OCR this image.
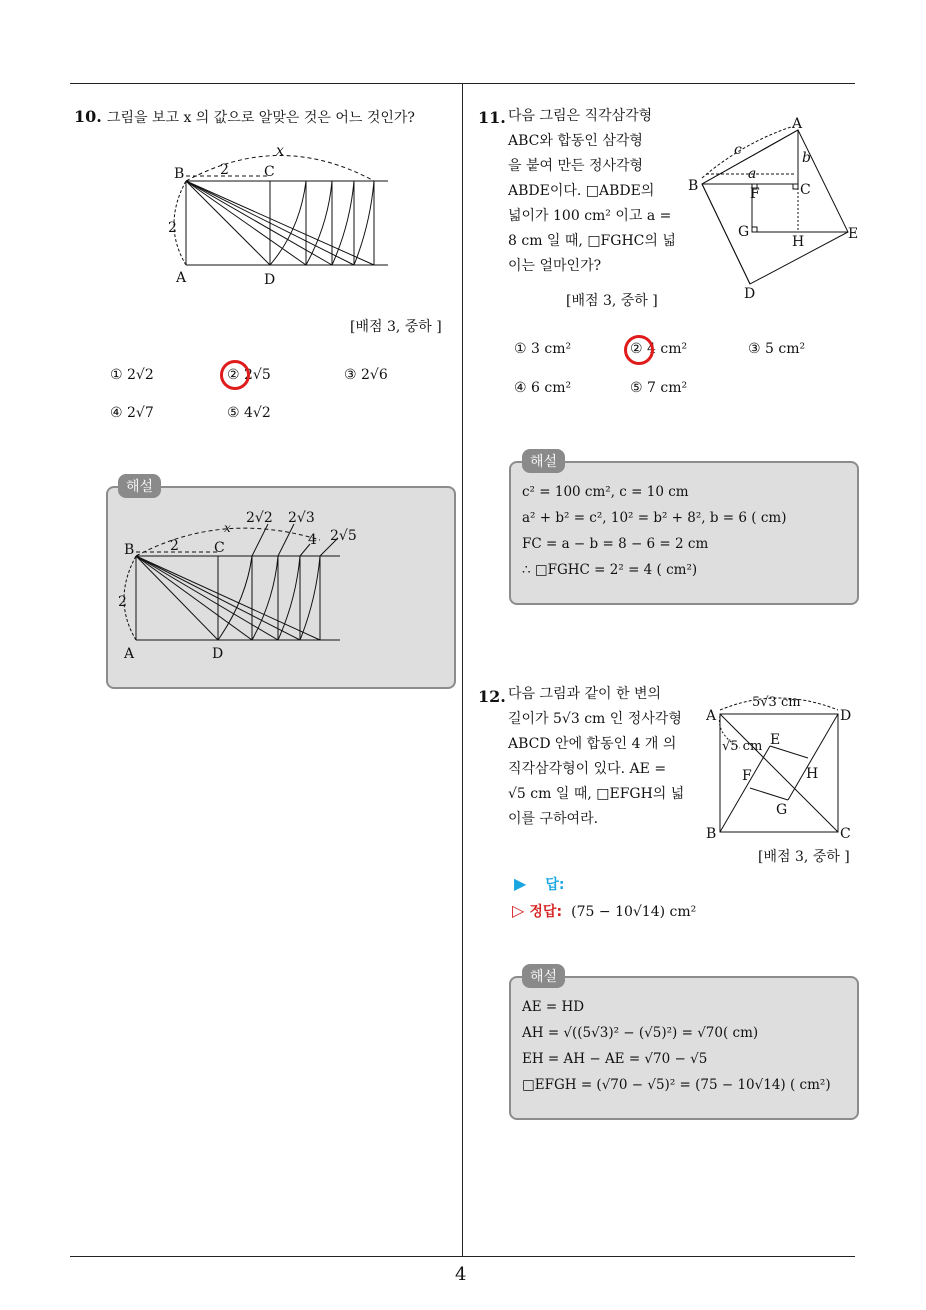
4
10. 그림을 보고 x 의 값으로 알맞은 것은 어느 것인가?
B	C
A	D
x
2
2
[배점 3, 중하 ]
① 2√2	② 2√5	③ 2√6
④ 2√7	⑤ 4√2
해설
B	C
A	D
2
2
x
2√2 2√3
4 2√5
11. 다음 그림은 직각삼각형
ABC와 합동인 삼각형
을 붙여 만든 정사각형
ABDE이다. □ABDE의
넓이가 100 cm² 이고 a =
8 cm 일 때, □FGHC의 넓
이는 얼마인가?
[배점 3, 중하 ]
A
B	C
D
E
F
G
H
a
b
c
① 3 cm²	② 4 cm²	③ 5 cm²
④ 6 cm²	⑤ 7 cm²
해설
c² = 100 cm², c = 10 cm
a² + b² = c², 10² = b² + 8², b = 6 ( cm)
FC = a − b = 8 − 6 = 2 cm
∴ □FGHC = 2² = 4 ( cm²)
12. 다음 그림과 같이 한 변의
길이가 5√3 cm 인 정사각형
ABCD 안에 합동인 4 개 의
직각삼각형이 있다. AE =
√5 cm 일 때, □EFGH의 넓
이를 구하여라.
A	D
B	C
E
F
G
H
5√3 cm
√5 cm
[배점 3, 중하 ]
▶ 답:
▷ 정답: (75 − 10√14) cm²
해설
AE = HD
AH = √((5√3)² − (√5)²) = √70( cm)
EH = AH − AE = √70 − √5
□EFGH = (√70 − √5)² = (75 − 10√14) ( cm²)
